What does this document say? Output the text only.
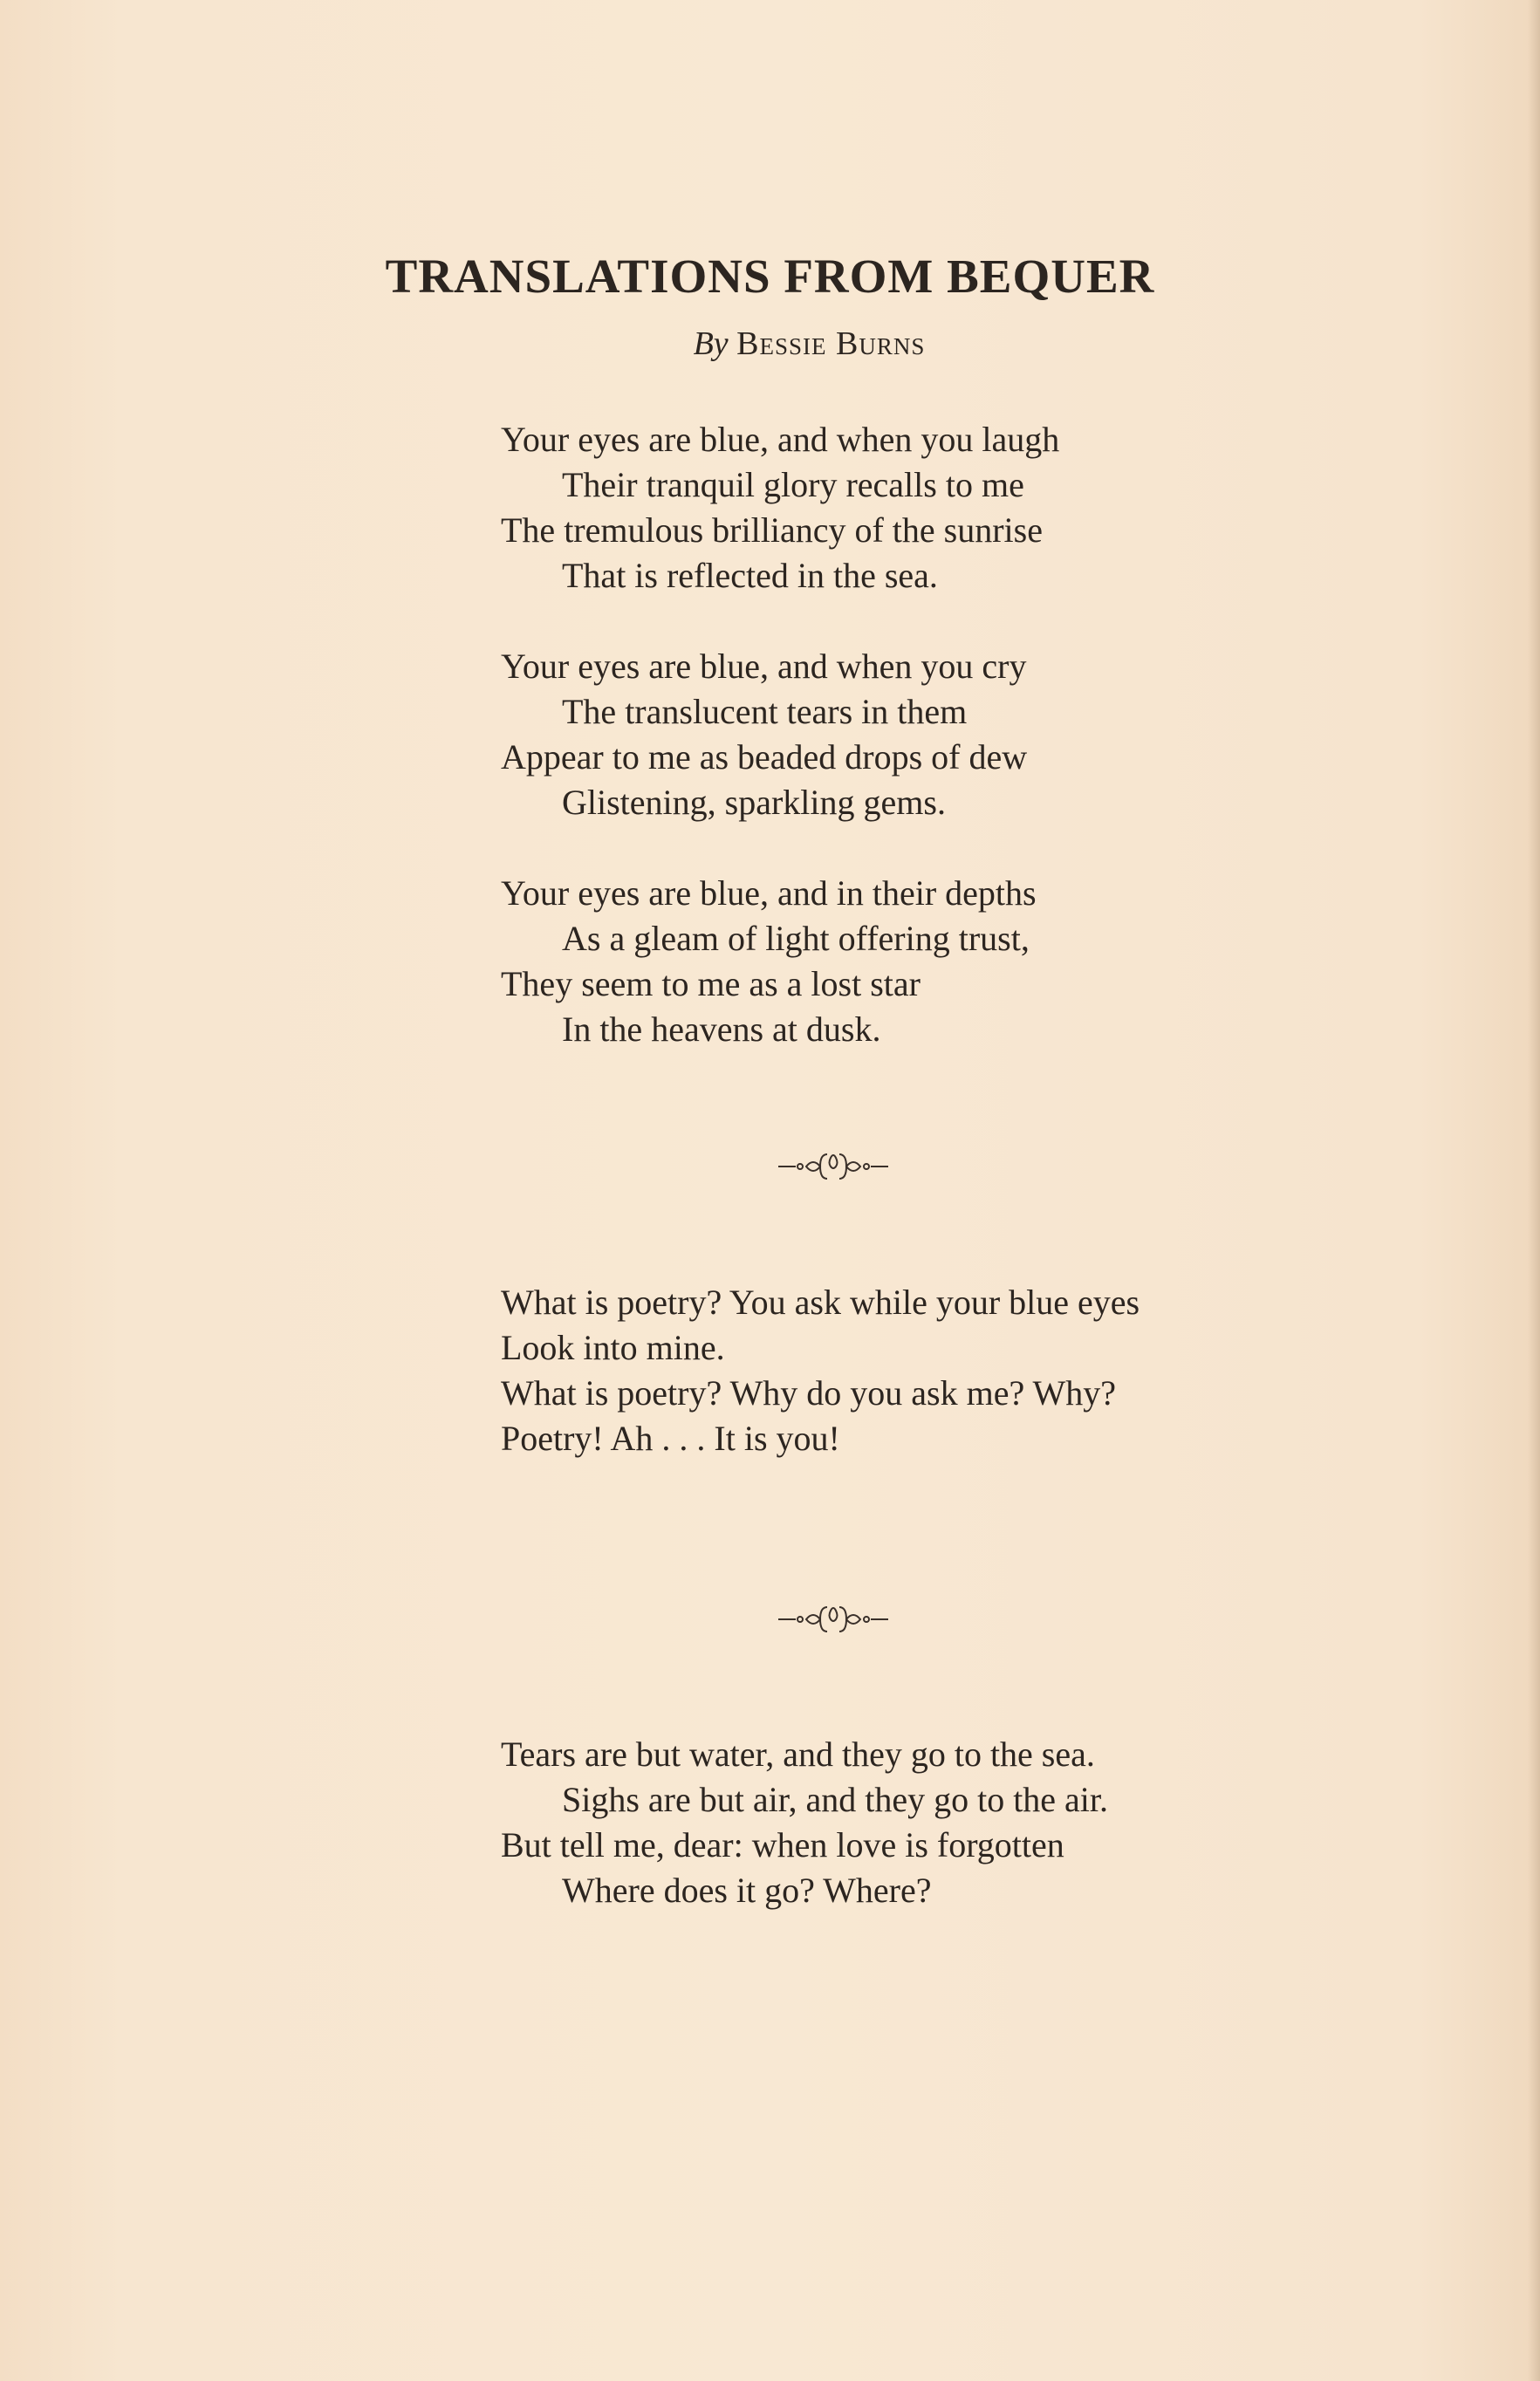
TRANSLATIONS FROM BEQUER
By Bessie Burns
Your eyes are blue, and when you laugh
Their tranquil glory recalls to me
The tremulous brilliancy of the sunrise
That is reflected in the sea.
Your eyes are blue, and when you cry
The translucent tears in them
Appear to me as beaded drops of dew
Glistening, sparkling gems.
Your eyes are blue, and in their depths
As a gleam of light offering trust,
They seem to me as a lost star
In the heavens at dusk.
What is poetry? You ask while your blue eyes
Look into mine.
What is poetry? Why do you ask me? Why?
Poetry! Ah . . . It is you!
Tears are but water, and they go to the sea.
Sighs are but air, and they go to the air.
But tell me, dear: when love is forgotten
Where does it go? Where?
